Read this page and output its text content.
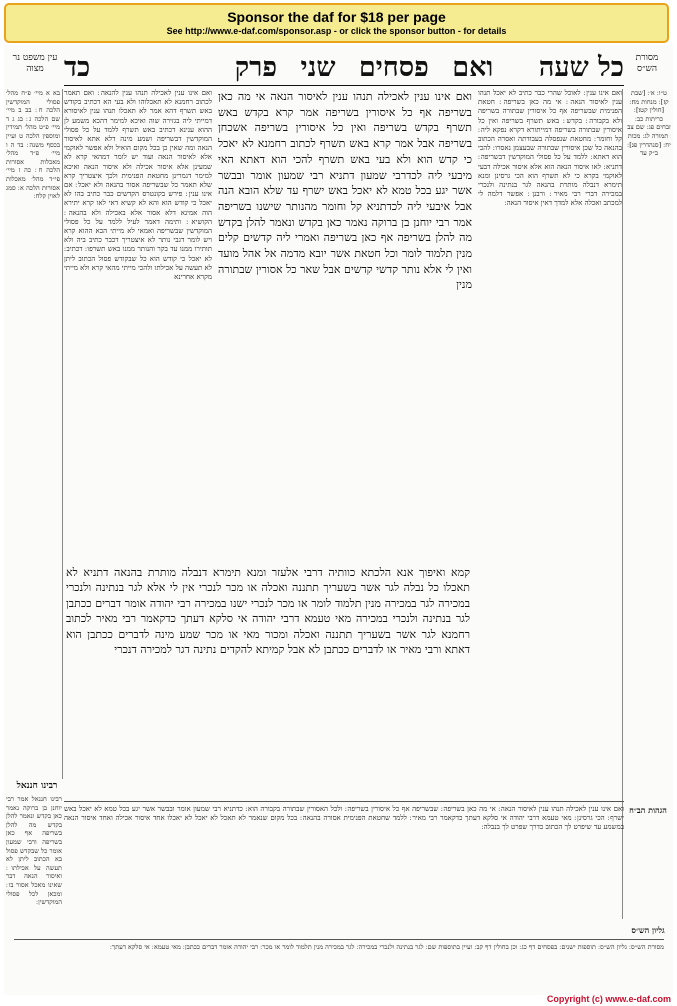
Sponsor the daf for $18 per page
See http://www.e-daf.com/sponsor.asp - or click the sponsor button - for details
כל שעה
ואם פסחים שני פרק
כד
עין משפט נר מצוה
מסורת הש״ס

בא א מיי׳ פ״ח מהל׳ פסולי המוקדשין הלכה ח ׃ בב ב מיי׳ שם הלכה ג ׃ בג ג ד מיי׳ פ״ט מהל׳ תמידין ומוספין הלכה ט ועיין בכסף משנה ׃ בד ה ו מיי׳ פ״ד מהל׳ מאכלות אסורות הלכה ח ׃ כה ז מיי׳ פי״ד מהל׳ מאכלות אסורות הלכה א ׃ סמג לאוין קלח ׃

ואם אינו ענין לאכילה תנהו ענין להנאה ׃ ואם תאמר לכתוב רחמנא לא תאכלוהו ולא בעי הא דכתיב בקודש באש תשרף דהא אמר לא תאכלו תנהו ענין לאיסורא דמייתי ליה בגזירה שוה ואיכא למימר דהכא משמע לן ההוא ענינא דכתיב באש תשרף ללמד על כל פסולי המוקדשין דבשריפה ושמע מינה דלא אתא לאיסור הנאה ומה שאין כן בכל מקום הואיל ולא אפשר לאוקמי אלא לאיסור הנאה ועוד יש לומר דמהאי קרא לא שמעינן אלא איסור אכילה ולא איסור הנאה ואיכא למימר דגמרינן מחטאת הפנימית ולכך איצטריך קרא שלא תאמר כל שבשריפה אסור בהנאה ולא יאכל ׃ אם אינו ענין ׃ פירש בקונטרס הקדשים כבר כתיב בהו לא יאכל כי קודש הוא והא לא קשיא דאי לאו קרא יתירא הוה אמינא דלא אסור אלא באכילה ולא בהנאה ׃ הקושיא ׃ ותימה דאמר לעיל ללמד על כל פסולי המוקדשין שבשריפה ואמאי לא מייתי הכא ההוא קרא ויש לומר דגבי נותר לא איצטריך דכבר כתיב ביה ולא תותירו ממנו עד בקר והנותר ממנו באש תשרפו ׃ דכתיב ׃ לא יאכל כי קודש הוא כל שבקודש פסול הכתוב ליתן לא תעשה על אכילתו ולהכי מייתי מהאי קרא ולא מייתי מקרא אחרינא

ואם אינו ענין לאכילה תנהו ענין לאיסור הנאה אי מה כאן בשריפה אף כל איסורין בשריפה אמר קרא בקדש באש תשרף בקדש בשריפה ואין כל איסורין בשריפה אשכחן בשריפה אבל אמר קרא באש תשרף לכתוב רחמנא לא יאכל כי קדש הוא ולא בעי באש תשרף להכי הוא דאתא האי מיבעי ליה לכדרבי שמעון דתניא רבי שמעון אומר ובבשר אשר יגע בכל טמא לא יאכל באש ישרף עד שלא הובא הנה אבל איבעי ליה לכדתניא קל וחומר מהנותר שישנו בשריפה אמר רבי יוחנן בן ברוקה נאמר כאן בקדש ונאמר להלן בקדש מה להלן בשריפה אף כאן בשריפה ואמרי ליה קדשים קלים מנין תלמוד לומר וכל חטאת אשר יובא מדמה אל אהל מועד ואין לי אלא נותר קדשי קדשים אבל שאר כל אסורין שבתורה מנין

קמא ואיפוך אנא הלכתא כוותיה דרבי אלעזר ומנא תימרא דנבלה מותרת בהנאה דתניא לא תאכלו כל נבלה לגר אשר בשעריך תתננה ואכלה או מכר לנכרי אין לי אלא לגר בנתינה ולנכרי במכירה לגר במכירה מנין תלמוד לומר או מכר לנכרי ישנו במכירה רבי יהודה אומר דברים ככתבן לגר בנתינה ולנכרי במכירה מאי טעמא דרבי יהודה אי סלקא דעתך כדקאמר רבי מאיר לכתוב רחמנא לגר אשר בשעריך תתננה ואכלה ומכור מאי או מכר שמע מינה לדברים ככתבן הוא דאתא ורבי מאיר או לדברים ככתבן לא אבל קמיתא להקדים נתינה דגר למכירה דנכרי

ואם אינו ענין ׃ לאוכל שהרי כבר כתיב לא יאכל תנהו ענין לאיסור הנאה ׃ אי מה כאן בשריפה ׃ חטאת הפנימית שבשריפה אף כל איסורין שבתורה בשריפה ולא בקבורה ׃ בקדש ׃ באש תשרף בשריפה ואין כל איסורין שבתורה בשריפה דמייתורא דקרא נפקא ליה ׃ קל וחומר ׃ מחטאת שנפסלה בעבודתה ואסרה הכתוב בהנאה כל שכן איסורין שבתורה שבעצמן נאסרו ׃ להכי הוא דאתא ׃ ללמד על כל פסולי המוקדשין דבשריפה ׃ דתניא ׃ לאו איסור הנאה הוא אלא איסור אכילה דבעי לאוקמי בקרא כי לא תשרף הוא הכי גרסינן ומנא תימרא דנבלה מותרת בהנאה לגר בנתינה ולנכרי במכירה דברי רבי מאיר ׃ ורבנן ׃ אפשר דלמה לי למכתב ואכלה אלא למדך דאין איסור הנאה ׃

ט״ו ׃ א׳ ׃ [שבת קז׃] ׃ מנחות מח׃ ׃ [חולין קטו׃] ׃ כריתות כב ׃ זבחים פג ׃ שם צב ׃ תמורה לג ׃ מכות יח ׃ [סנהדרין פג׃] ׃ ב״ק עד

רבינו חננאל

רבינו חננאל אמר רבי יוחנן בן ברוקה נאמר כאן בקדש ונאמר להלן בקדש מה להלן בשריפה אף כאן בשריפה ורבי שמעון אומר כל שבקדש פסול בא הכתוב ליתן לא תעשה על אכילתו ׃ ואיסור הנאה דבר שאינו מאכל אסור בו ׃ ומכאן לכל פסולי המוקדשין ׃

הגהות הב״ח
גליון הש״ס

ואם אינו ענין לאכילה תנהו ענין לאיסור הנאה ׃ אי מה כאן בשריפה ׃ שבשריפה אף כל איסורין בשריפה ׃ ולכל האסורין שבתורה בקבורה הוא ׃ כדתניא רבי שמעון אומר ובבשר אשר יגע בכל טמא לא יאכל באש ישרף ׃ הכי גרסינן ׃ מאי טעמא דרבי יהודה אי סלקא דעתך כדקאמר רבי מאיר ׃ ללמד שחטאת הפנימית אסורה בהנאה ׃ בכל מקום שנאמר לא תאכל לא יאכל לא יאכלו אחד איסור אכילה ואחד איסור הנאה במשמע עד שיפרט לך הכתוב כדרך שפרט לך בנבלה ׃

מסורת הש״ס ׃ גליון הש״ס ׃ תוספות ישנים ׃ בפסחים דף כג ׃ וכן בחולין דף קב ׃ ועיין בתוספות שם ׃ לגר בנתינה ולנכרי במכירה ׃ לגר במכירה מנין תלמוד לומר או מכר ׃ רבי יהודה אומר דברים ככתבן ׃ מאי טעמא ׃ אי סלקא דעתך ׃

Copyright (c) www.e-daf.com
